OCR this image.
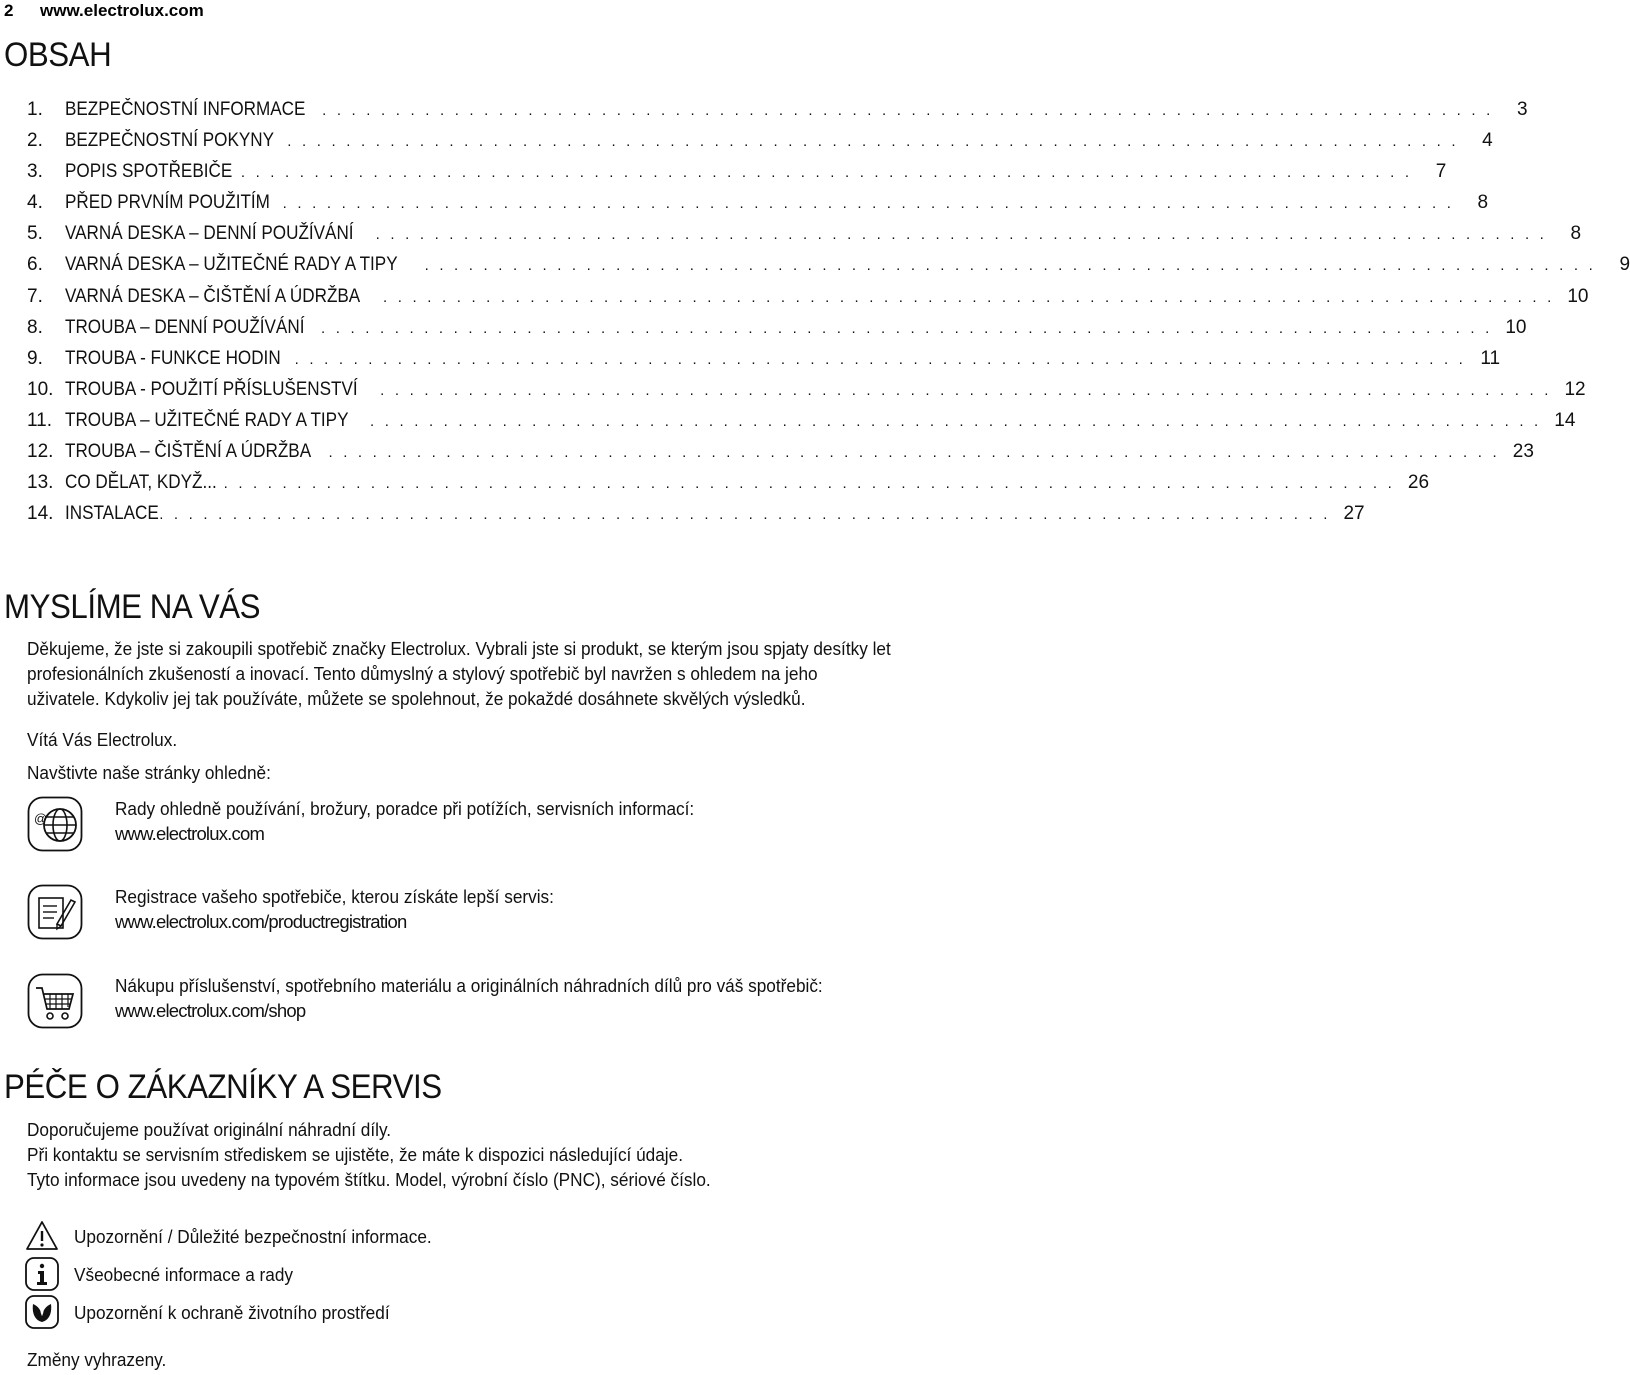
2 www.electrolux.com
OBSAH
1.	BEZPEČNOSTNÍ INFORMACE . . . . . . . . . . . . . . . . . . . . . . . . . . . . . . . . . . . . . . . . . . . . . . . . . . . . . . . . . . . . . . . . . . . . . . . . . . . . . . . .	3
2.	BEZPEČNOSTNÍ POKYNY . . . . . . . . . . . . . . . . . . . . . . . . . . . . . . . . . . . . . . . . . . . . . . . . . . . . . . . . . . . . . . . . . . . . . . . . . . . . . . . .	4
3.	POPIS SPOTŘEBIČE . . . . . . . . . . . . . . . . . . . . . . . . . . . . . . . . . . . . . . . . . . . . . . . . . . . . . . . . . . . . . . . . . . . . . . . . . . . . . . . .	7
4.	PŘED PRVNÍM POUŽITÍM . . . . . . . . . . . . . . . . . . . . . . . . . . . . . . . . . . . . . . . . . . . . . . . . . . . . . . . . . . . . . . . . . . . . . . . . . . . . . . . .	8
5.	VARNÁ DESKA – DENNÍ POUŽÍVÁNÍ . . . . . . . . . . . . . . . . . . . . . . . . . . . . . . . . . . . . . . . . . . . . . . . . . . . . . . . . . . . . . . . . . . . . . . . . . . . . . . . .	8
6.	VARNÁ DESKA – UŽITEČNÉ RADY A TIPY . . . . . . . . . . . . . . . . . . . . . . . . . . . . . . . . . . . . . . . . . . . . . . . . . . . . . . . . . . . . . . . . . . . . . . . . . . . . . . . .	9
7.	VARNÁ DESKA – ČIŠTĚNÍ A ÚDRŽBA . . . . . . . . . . . . . . . . . . . . . . . . . . . . . . . . . . . . . . . . . . . . . . . . . . . . . . . . . . . . . . . . . . . . . . . . . . . . . . . . 10
8.	TROUBA – DENNÍ POUŽÍVÁNÍ . . . . . . . . . . . . . . . . . . . . . . . . . . . . . . . . . . . . . . . . . . . . . . . . . . . . . . . . . . . . . . . . . . . . . . . . . . . . . . . . 10
9.	TROUBA - FUNKCE HODIN . . . . . . . . . . . . . . . . . . . . . . . . . . . . . . . . . . . . . . . . . . . . . . . . . . . . . . . . . . . . . . . . . . . . . . . . . . . . . . . . 11
10. TROUBA - POUŽITÍ PŘÍSLUŠENSTVÍ . . . . . . . . . . . . . . . . . . . . . . . . . . . . . . . . . . . . . . . . . . . . . . . . . . . . . . . . . . . . . . . . . . . . . . . . . . . . . . . . 12
11. TROUBA – UŽITEČNÉ RADY A TIPY . . . . . . . . . . . . . . . . . . . . . . . . . . . . . . . . . . . . . . . . . . . . . . . . . . . . . . . . . . . . . . . . . . . . . . . . . . . . . . . . 14
12. TROUBA – ČIŠTĚNÍ A ÚDRŽBA . . . . . . . . . . . . . . . . . . . . . . . . . . . . . . . . . . . . . . . . . . . . . . . . . . . . . . . . . . . . . . . . . . . . . . . . . . . . . . . . 23
13. CO DĚLAT, KDYŽ... . . . . . . . . . . . . . . . . . . . . . . . . . . . . . . . . . . . . . . . . . . . . . . . . . . . . . . . . . . . . . . . . . . . . . . . . . . . . . . . . 26
14. INSTALACE . . . . . . . . . . . . . . . . . . . . . . . . . . . . . . . . . . . . . . . . . . . . . . . . . . . . . . . . . . . . . . . . . . . . . . . . . . . . . . . . 27
MYSLÍME NA VÁS
Děkujeme, že jste si zakoupili spotřebič značky Electrolux. Vybrali jste si produkt, se kterým jsou spjaty desítky let
profesionálních zkušeností a inovací. Tento důmyslný a stylový spotřebič byl navržen s ohledem na jeho
uživatele. Kdykoliv jej tak používáte, můžete se spolehnout, že pokaždé dosáhnete skvělých výsledků.
Vítá Vás Electrolux.
Navštivte naše stránky ohledně:
@	Rady ohledně používání, brožury, poradce při potížích, servisních informací:
www.electrolux.com
Registrace vašeho spotřebiče, kterou získáte lepší servis:
www.electrolux.com/productregistration
Nákupu příslušenství, spotřebního materiálu a originálních náhradních dílů pro váš spotřebič:
www.electrolux.com/shop
PÉČE O ZÁKAZNÍKY A SERVIS
Doporučujeme používat originální náhradní díly.
Při kontaktu se servisním střediskem se ujistěte, že máte k dispozici následující údaje.
Tyto informace jsou uvedeny na typovém štítku. Model, výrobní číslo (PNC), sériové číslo.
Upozornění / Důležité bezpečnostní informace.
Všeobecné informace a rady
Upozornění k ochraně životního prostředí
Změny vyhrazeny.
